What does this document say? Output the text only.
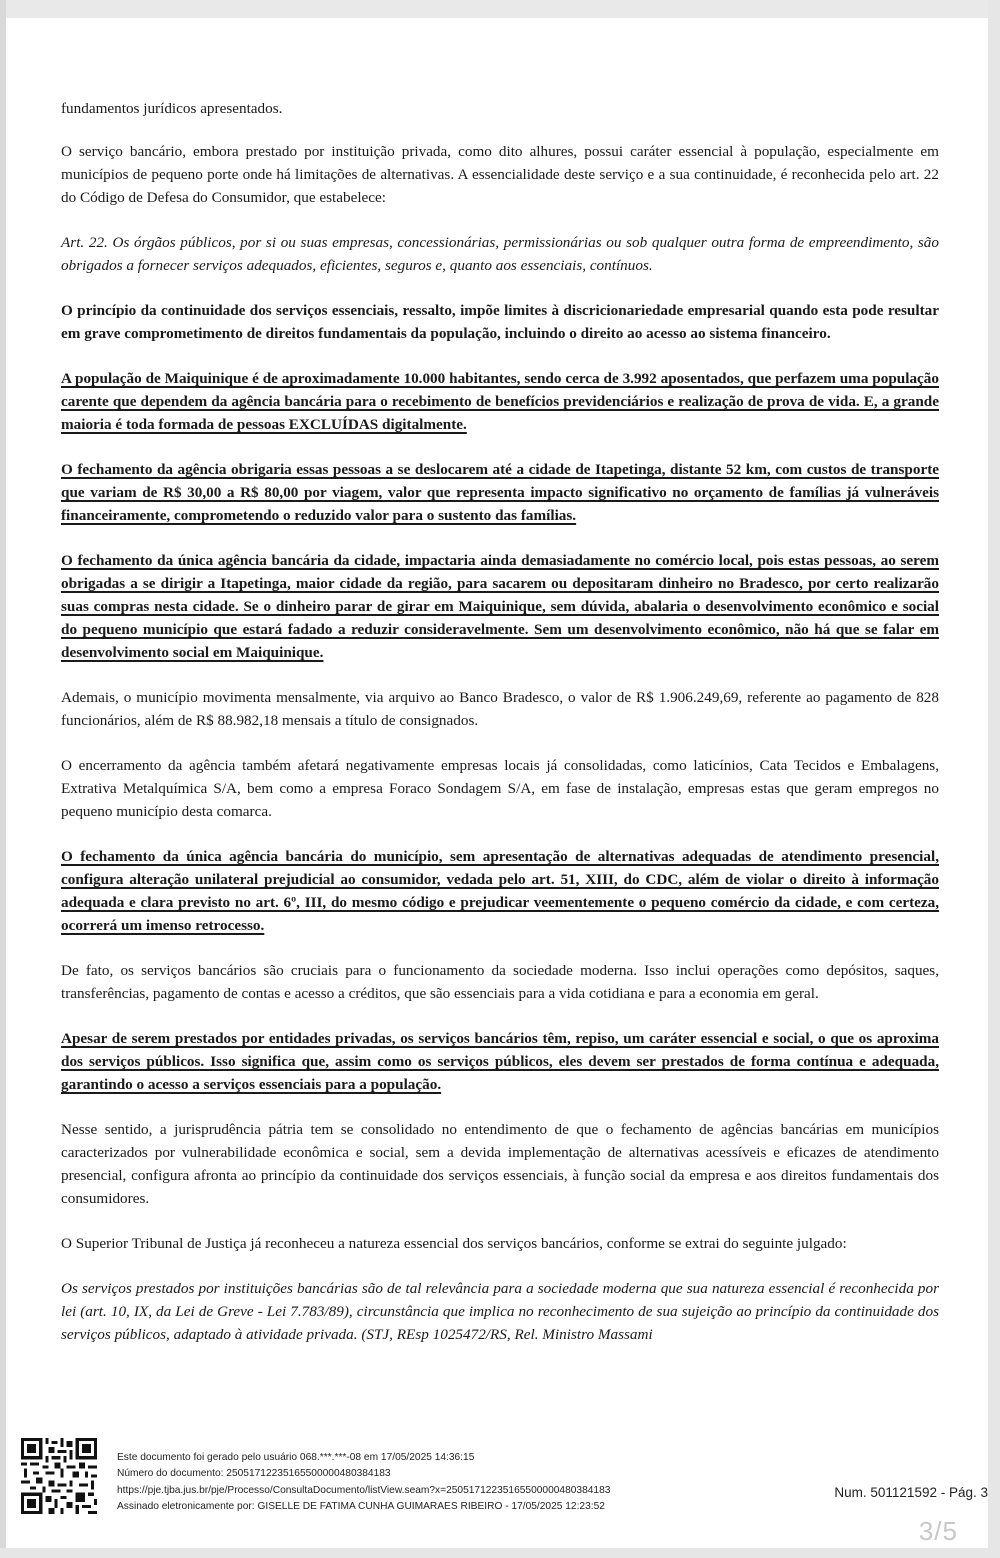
fundamentos jurídicos apresentados.

O serviço bancário, embora prestado por instituição privada, como dito alhures, possui caráter essencial à população, especialmente em municípios de pequeno porte onde há limitações de alternativas. A essencialidade deste serviço e a sua continuidade, é reconhecida pelo art. 22 do Código de Defesa do Consumidor, que estabelece:

Art. 22. Os órgãos públicos, por si ou suas empresas, concessionárias, permissionárias ou sob qualquer outra forma de empreendimento, são obrigados a fornecer serviços adequados, eficientes, seguros e, quanto aos essenciais, contínuos.

O princípio da continuidade dos serviços essenciais, ressalto, impõe limites à discricionariedade empresarial quando esta pode resultar em grave comprometimento de direitos fundamentais da população, incluindo o direito ao acesso ao sistema financeiro.

A população de Maiquinique é de aproximadamente 10.000 habitantes, sendo cerca de 3.992 aposentados, que perfazem uma população carente que dependem da agência bancária para o recebimento de benefícios previdenciários e realização de prova de vida. E, a grande maioria é toda formada de pessoas EXCLUÍDAS digitalmente.

O fechamento da agência obrigaria essas pessoas a se deslocarem até a cidade de Itapetinga, distante 52 km, com custos de transporte que variam de R$ 30,00 a R$ 80,00 por viagem, valor que representa impacto significativo no orçamento de famílias já vulneráveis financeiramente, comprometendo o reduzido valor para o sustento das famílias.

O fechamento da única agência bancária da cidade, impactaria ainda demasiadamente no comércio local, pois estas pessoas, ao serem obrigadas a se dirigir a Itapetinga, maior cidade da região, para sacarem ou depositaram dinheiro no Bradesco, por certo realizarão suas compras nesta cidade. Se o dinheiro parar de girar em Maiquinique, sem dúvida, abalaria o desenvolvimento econômico e social do pequeno município que estará fadado a reduzir consideravelmente. Sem um desenvolvimento econômico, não há que se falar em desenvolvimento social em Maiquinique.

Ademais, o município movimenta mensalmente, via arquivo ao Banco Bradesco, o valor de R$ 1.906.249,69, referente ao pagamento de 828 funcionários, além de R$ 88.982,18 mensais a título de consignados.

O encerramento da agência também afetará negativamente empresas locais já consolidadas, como laticínios, Cata Tecidos e Embalagens, Extrativa Metalquímica S/A, bem como a empresa Foraco Sondagem S/A, em fase de instalação, empresas estas que geram empregos no pequeno município desta comarca.

O fechamento da única agência bancária do município, sem apresentação de alternativas adequadas de atendimento presencial, configura alteração unilateral prejudicial ao consumidor, vedada pelo art. 51, XIII, do CDC, além de violar o direito à informação adequada e clara previsto no art. 6º, III, do mesmo código e prejudicar veementemente o pequeno comércio da cidade, e com certeza, ocorrerá um imenso retrocesso.

De fato, os serviços bancários são cruciais para o funcionamento da sociedade moderna. Isso inclui operações como depósitos, saques, transferências, pagamento de contas e acesso a créditos, que são essenciais para a vida cotidiana e para a economia em geral.

Apesar de serem prestados por entidades privadas, os serviços bancários têm, repiso, um caráter essencial e social, o que os aproxima dos serviços públicos. Isso significa que, assim como os serviços públicos, eles devem ser prestados de forma contínua e adequada, garantindo o acesso a serviços essenciais para a população.

Nesse sentido, a jurisprudência pátria tem se consolidado no entendimento de que o fechamento de agências bancárias em municípios caracterizados por vulnerabilidade econômica e social, sem a devida implementação de alternativas acessíveis e eficazes de atendimento presencial, configura afronta ao princípio da continuidade dos serviços essenciais, à função social da empresa e aos direitos fundamentais dos consumidores.

O Superior Tribunal de Justiça já reconheceu a natureza essencial dos serviços bancários, conforme se extrai do seguinte julgado:

Os serviços prestados por instituições bancárias são de tal relevância para a sociedade moderna que sua natureza essencial é reconhecida por lei (art. 10, IX, da Lei de Greve - Lei 7.783/89), circunstância que implica no reconhecimento de sua sujeição ao princípio da continuidade dos serviços públicos, adaptado à atividade privada. (STJ, REsp 1025472/RS, Rel. Ministro Massami

Este documento foi gerado pelo usuário 068.***.***-08 em 17/05/2025 14:36:15
Número do documento: 25051712235165500000480384183
https://pje.tjba.jus.br/pje/Processo/ConsultaDocumento/listView.seam?x=25051712235165500000480384183
Assinado eletronicamente por: GISELLE DE FATIMA CUNHA GUIMARAES RIBEIRO - 17/05/2025 12:23:52
Num. 501121592 - Pág. 3
3/5
